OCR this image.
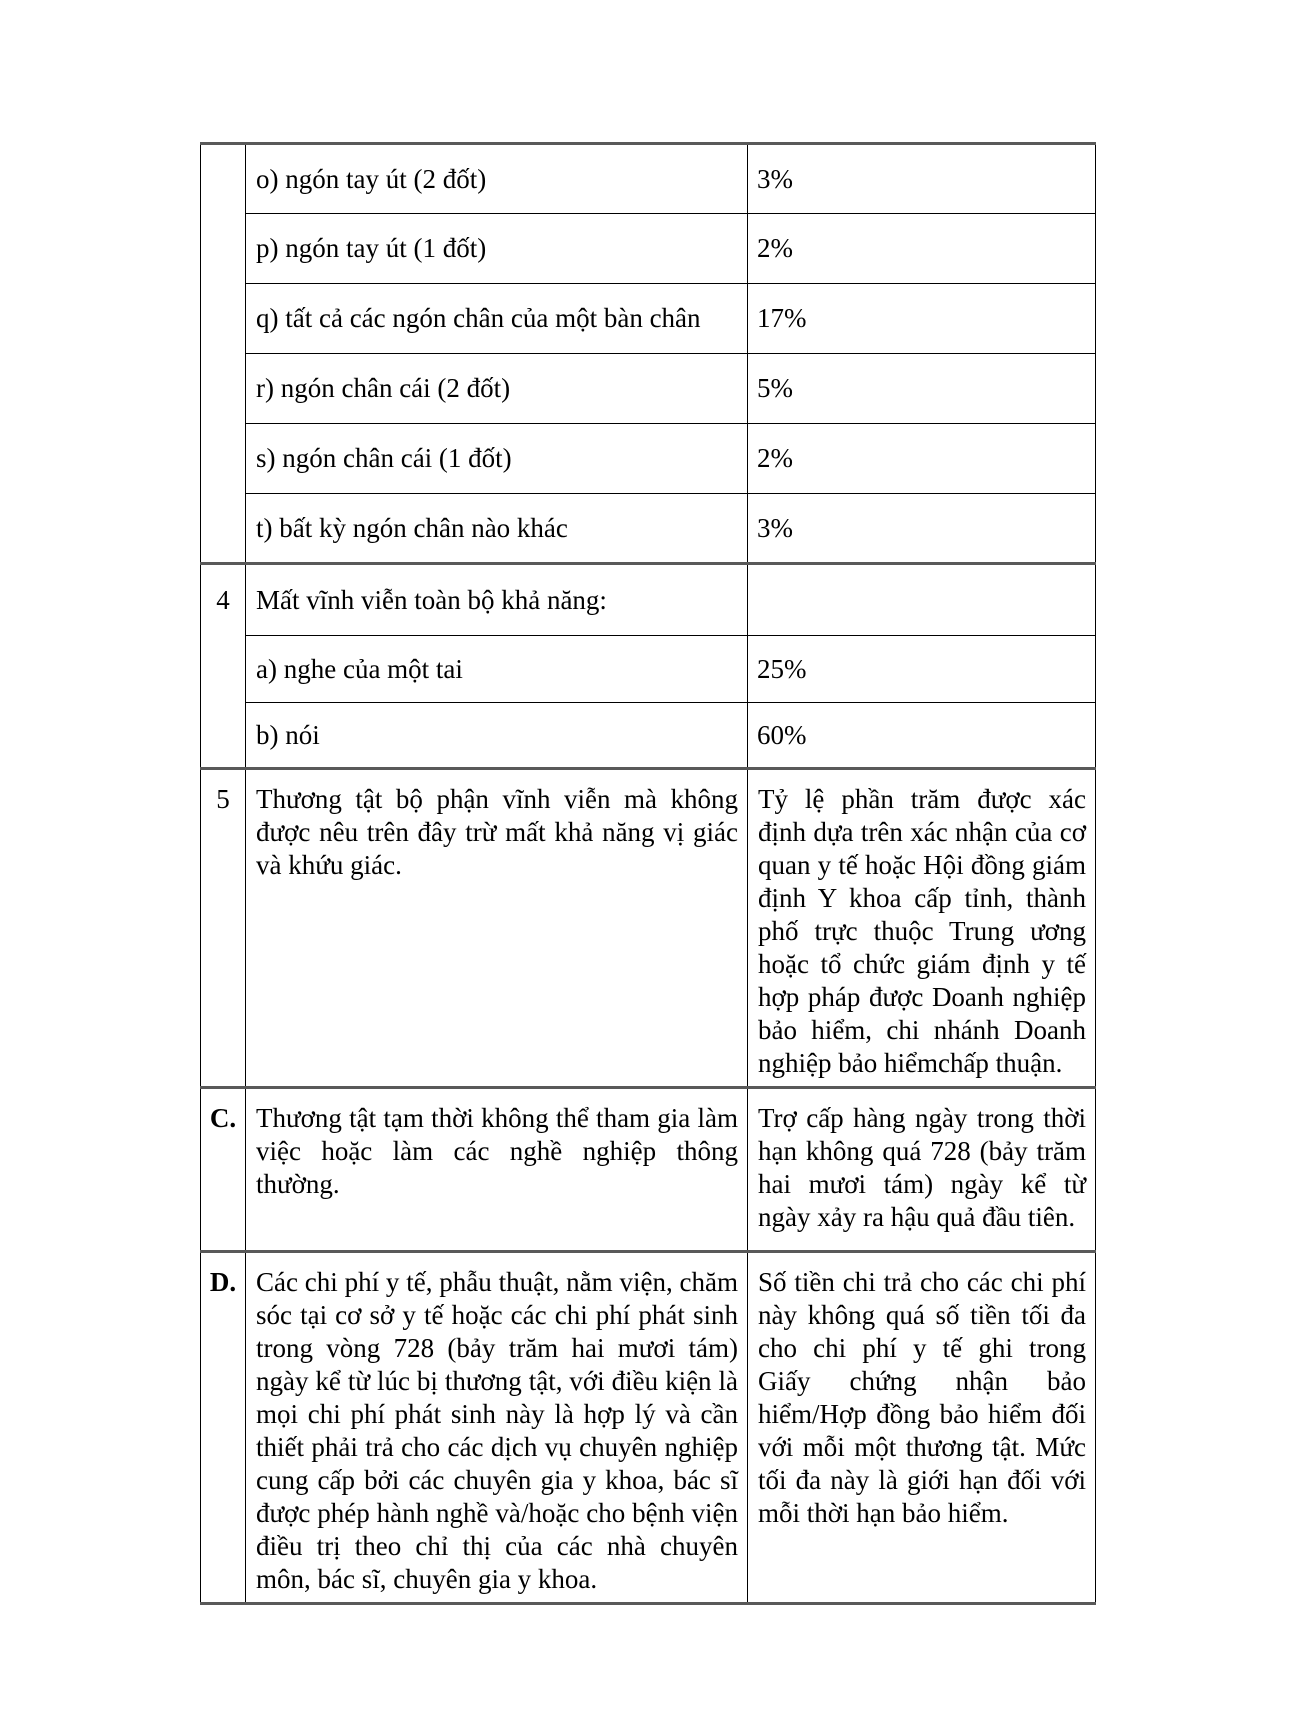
	o) ngón tay út (2 đốt)	3%
	p) ngón tay út (1 đốt)	2%
	q) tất cả các ngón chân của một bàn chân	17%
	r) ngón chân cái (2 đốt)	5%
	s) ngón chân cái (1 đốt)	2%
	t) bất kỳ ngón chân nào khác	3%
4	Mất vĩnh viễn toàn bộ khả năng:	
	a) nghe của một tai	25%
	b) nói	60%
5	Thương tật bộ phận vĩnh viễn mà không được nêu trên đây trừ mất khả năng vị giác và khứu giác.	Tỷ lệ phần trăm được xác định dựa trên xác nhận của cơ quan y tế hoặc Hội đồng giám định Y khoa cấp tỉnh, thành phố trực thuộc Trung ương hoặc tổ chức giám định y tế hợp pháp được Doanh nghiệp bảo hiểm, chi nhánh Doanh nghiệp bảo hiểmchấp thuận.
C.	Thương tật tạm thời không thể tham gia làm việc hoặc làm các nghề nghiệp thông thường.	Trợ cấp hàng ngày trong thời hạn không quá 728 (bảy trăm hai mươi tám) ngày kể từ ngày xảy ra hậu quả đầu tiên.
D.	Các chi phí y tế, phẫu thuật, nằm viện, chăm sóc tại cơ sở y tế hoặc các chi phí phát sinh trong vòng 728 (bảy trăm hai mươi tám) ngày kể từ lúc bị thương tật, với điều kiện là mọi chi phí phát sinh này là hợp lý và cần thiết phải trả cho các dịch vụ chuyên nghiệp cung cấp bởi các chuyên gia y khoa, bác sĩ được phép hành nghề và/hoặc cho bệnh viện điều trị theo chỉ thị của các nhà chuyên môn, bác sĩ, chuyên gia y khoa.	Số tiền chi trả cho các chi phí này không quá số tiền tối đa cho chi phí y tế ghi trong Giấy chứng nhận bảo hiểm/Hợp đồng bảo hiểm đối với mỗi một thương tật. Mức tối đa này là giới hạn đối với mỗi thời hạn bảo hiểm.
